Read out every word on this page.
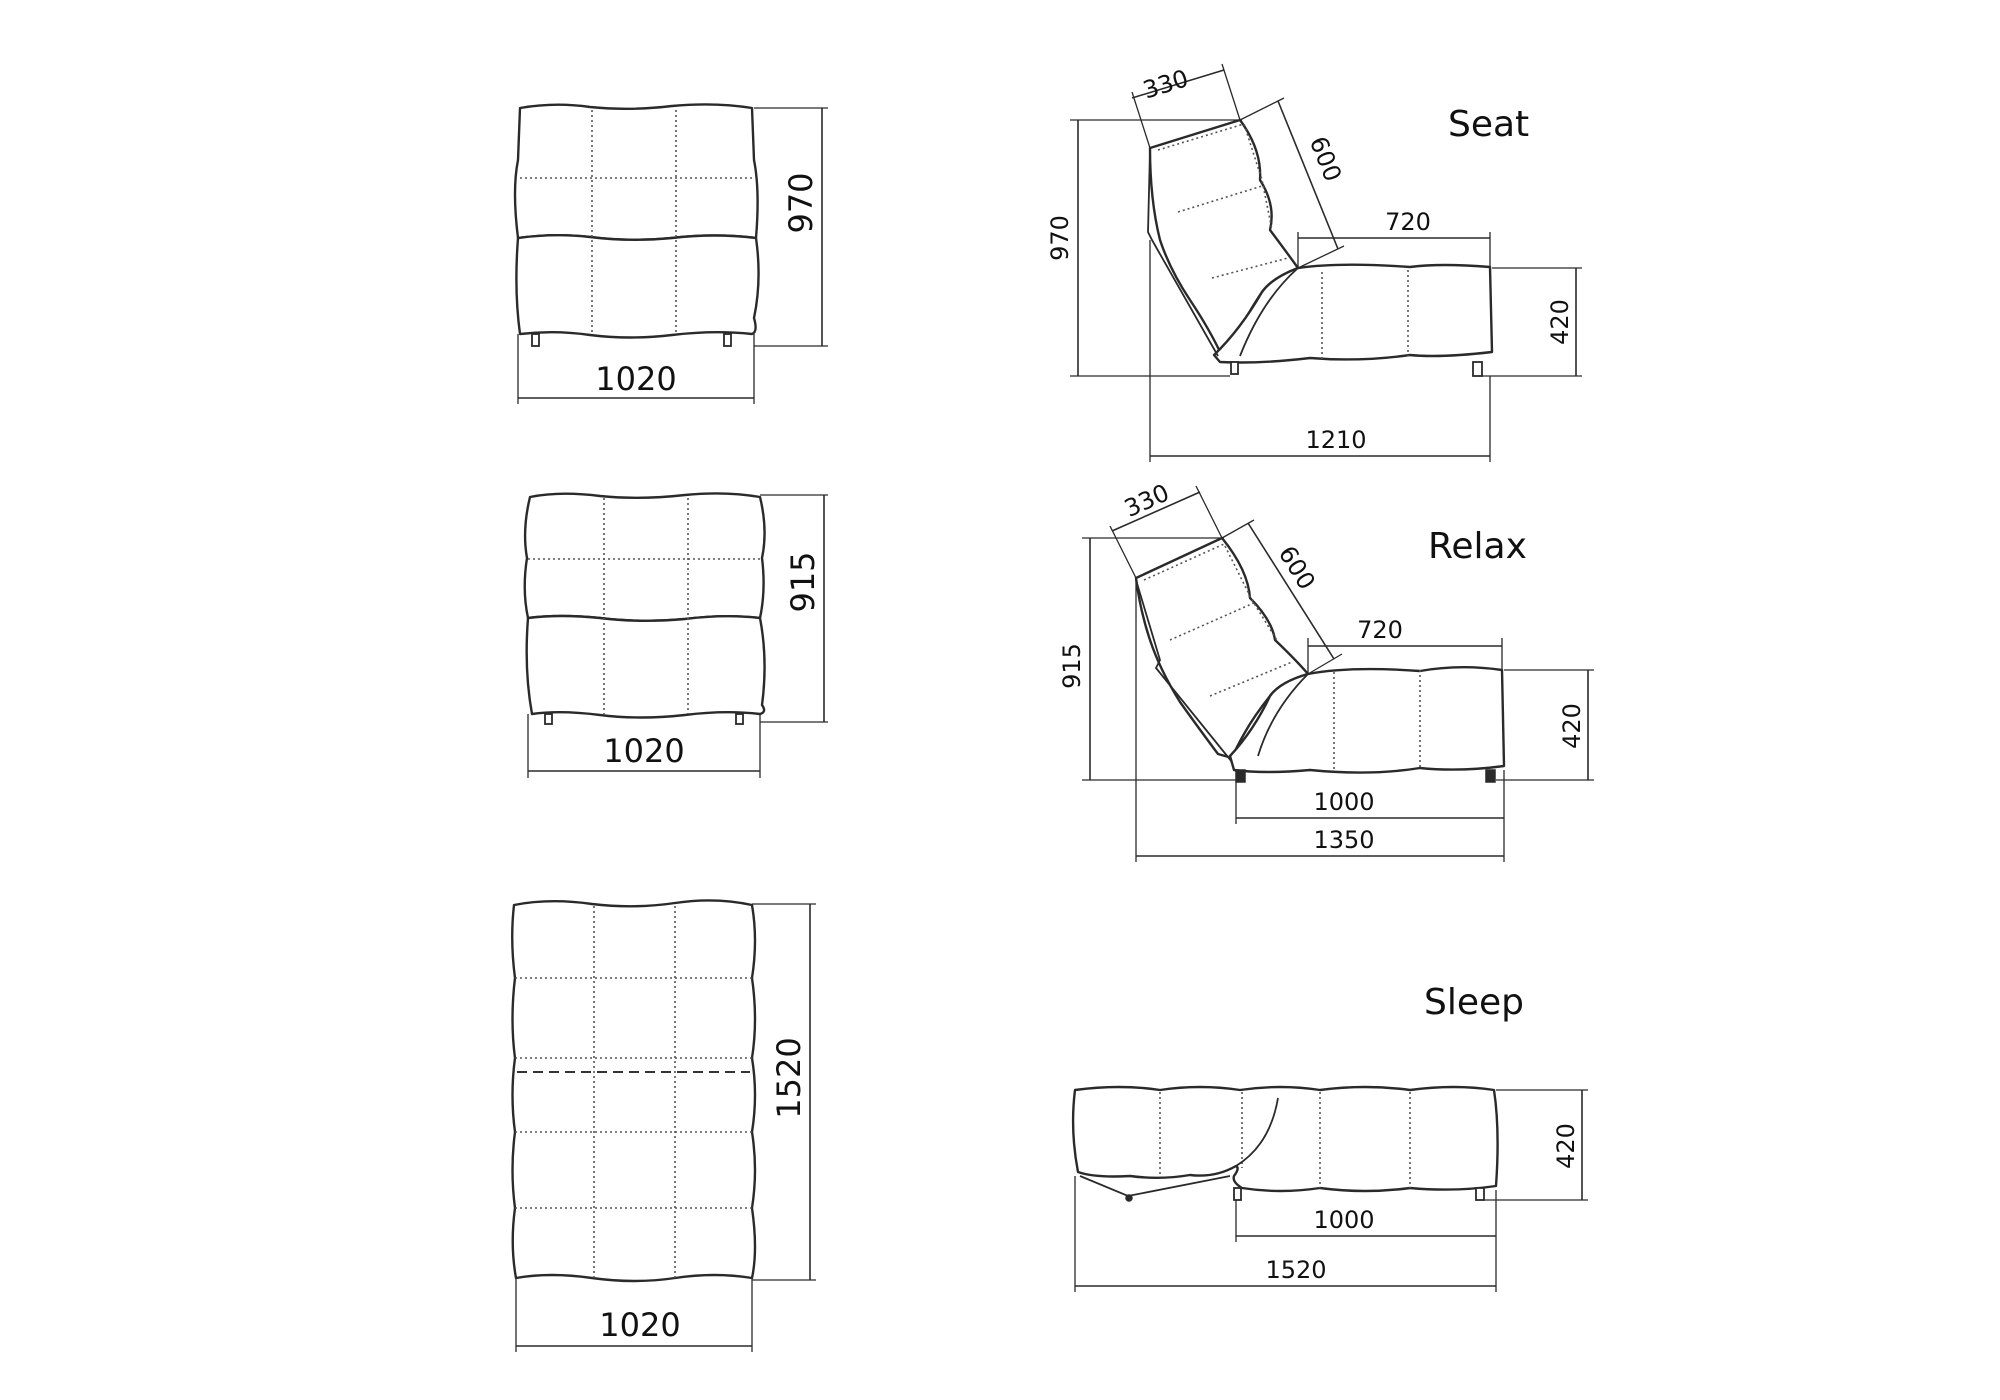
1020
970
1020
915
1020
1520
Seat
330
600
720
420
970
1210
Relax
330
600
720
420
915
1000
1350
Sleep
420
1000
1520
